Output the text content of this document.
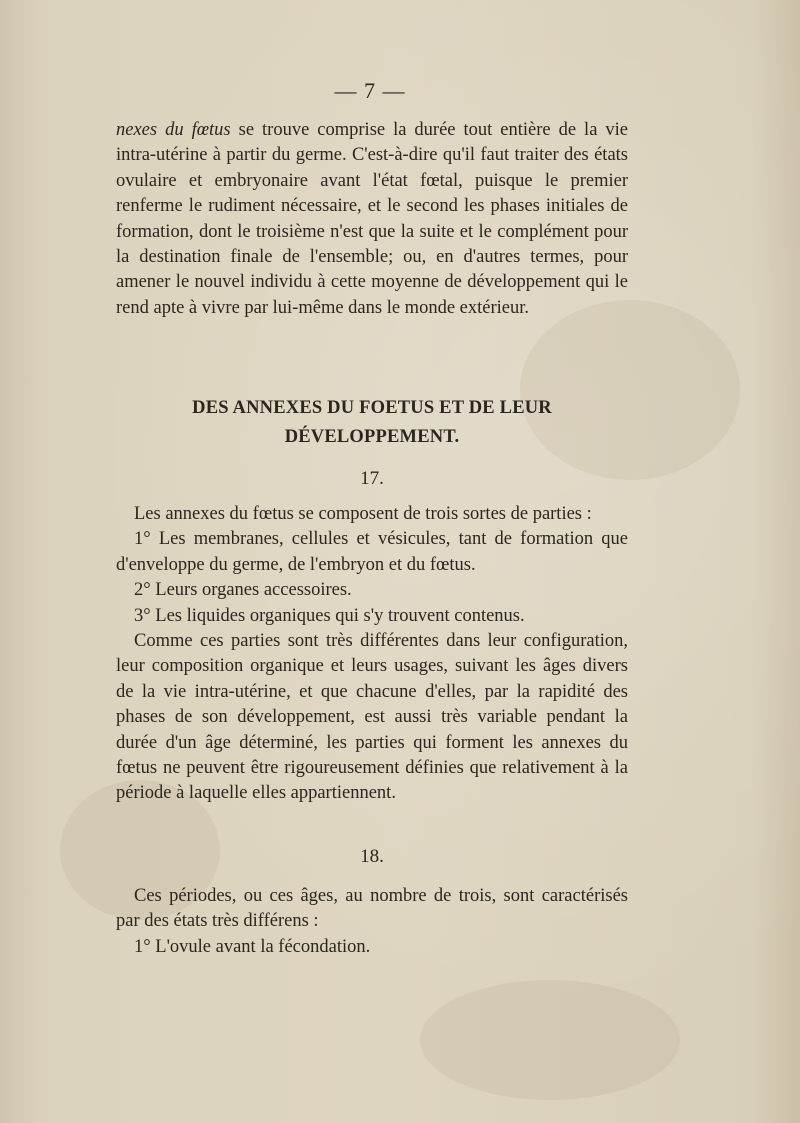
— 7 —

nexes du fœtus se trouve comprise la durée tout entière de la vie intra-utérine à partir du germe. C'est-à-dire qu'il faut traiter des états ovulaire et embryonaire avant l'état fœtal, puisque le premier renferme le rudiment nécessaire, et le second les phases initiales de formation, dont le troisième n'est que la suite et le complément pour la destination finale de l'ensemble; ou, en d'autres termes, pour amener le nouvel individu à cette moyenne de développement qui le rend apte à vivre par lui-même dans le monde extérieur.

DES ANNEXES DU FOETUS ET DE LEUR
DÉVELOPPEMENT.
17.

Les annexes du fœtus se composent de trois sortes de parties :

1° Les membranes, cellules et vésicules, tant de formation que d'enveloppe du germe, de l'embryon et du fœtus.

2° Leurs organes accessoires.

3° Les liquides organiques qui s'y trouvent contenus.

Comme ces parties sont très différentes dans leur configuration, leur composition organique et leurs usages, suivant les âges divers de la vie intra-utérine, et que chacune d'elles, par la rapidité des phases de son développement, est aussi très variable pendant la durée d'un âge déterminé, les parties qui forment les annexes du fœtus ne peuvent être rigoureusement définies que relativement à la période à laquelle elles appartiennent.

18.

Ces périodes, ou ces âges, au nombre de trois, sont caractérisés par des états très différens :

1° L'ovule avant la fécondation.
